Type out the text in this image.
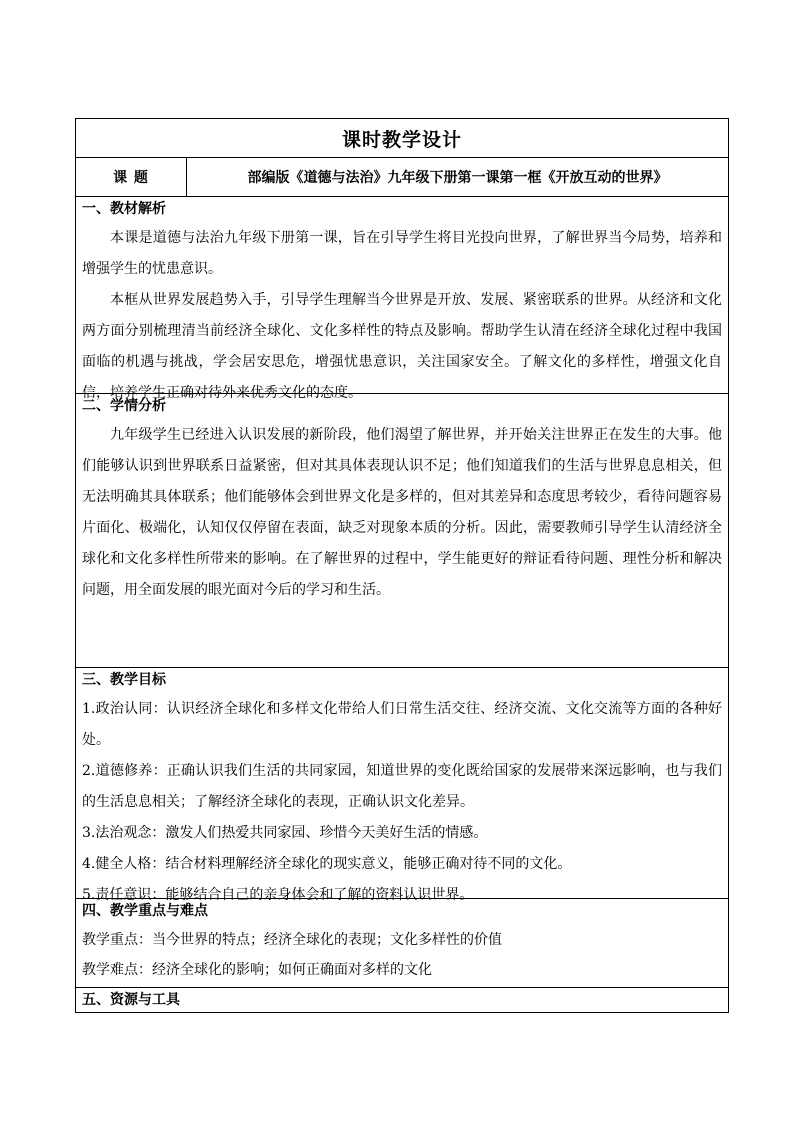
课时教学设计
课 题	部编版《道德与法治》九年级下册第一课第一框《开放互动的世界》
一、教材解析

本课是道德与法治九年级下册第一课，旨在引导学生将目光投向世界，了解世界当今局势，培养和增强学生的忧患意识。

本框从世界发展趋势入手，引导学生理解当今世界是开放、发展、紧密联系的世界。从经济和文化两方面分别梳理清当前经济全球化、文化多样性的特点及影响。帮助学生认清在经济全球化过程中我国面临的机遇与挑战，学会居安思危，增强忧患意识，关注国家安全。了解文化的多样性，增强文化自信，培养学生正确对待外来优秀文化的态度。

二、学情分析

九年级学生已经进入认识发展的新阶段，他们渴望了解世界，并开始关注世界正在发生的大事。他们能够认识到世界联系日益紧密，但对其具体表现认识不足；他们知道我们的生活与世界息息相关，但无法明确其具体联系；他们能够体会到世界文化是多样的，但对其差异和态度思考较少，看待问题容易片面化、极端化，认知仅仅停留在表面，缺乏对现象本质的分析。因此，需要教师引导学生认清经济全球化和文化多样性所带来的影响。在了解世界的过程中，学生能更好的辩证看待问题、理性分析和解决问题，用全面发展的眼光面对今后的学习和生活。

三、教学目标

1.政治认同：认识经济全球化和多样文化带给人们日常生活交往、经济交流、文化交流等方面的各种好处。

2.道德修养：正确认识我们生活的共同家园，知道世界的变化既给国家的发展带来深远影响，也与我们的生活息息相关；了解经济全球化的表现，正确认识文化差异。

3.法治观念：激发人们热爱共同家园、珍惜今天美好生活的情感。

4.健全人格：结合材料理解经济全球化的现实意义，能够正确对待不同的文化。

5.责任意识：能够结合自己的亲身体会和了解的资料认识世界。

四、教学重点与难点

教学重点：当今世界的特点；经济全球化的表现；文化多样性的价值

教学难点：经济全球化的影响；如何正确面对多样的文化

五、资源与工具
